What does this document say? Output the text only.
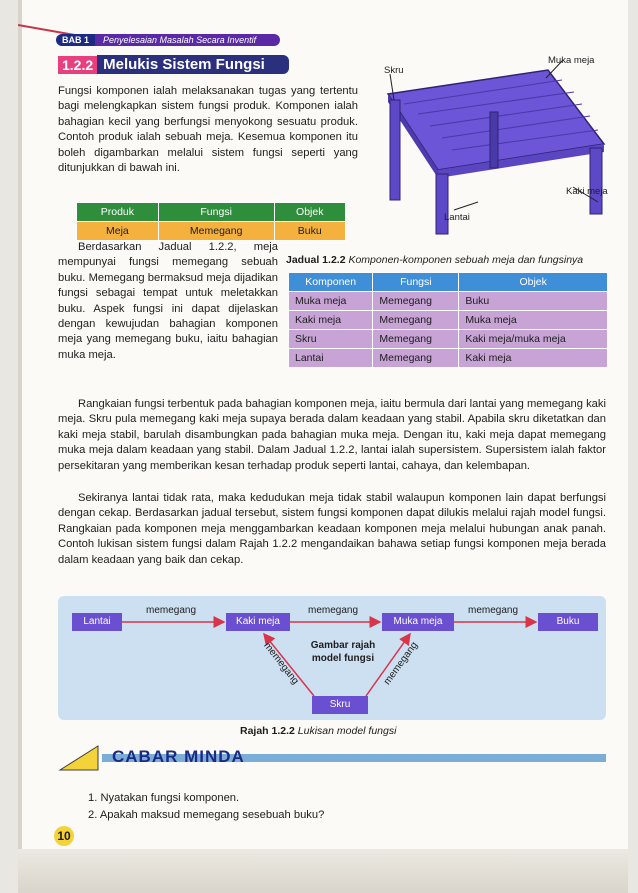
BAB 1	Penyelesaian Masalah Secara Inventif
1.2.2 Melukis Sistem Fungsi
Fungsi komponen ialah melaksanakan tugas yang tertentu bagi melengkapkan sistem fungsi produk. Komponen ialah bahagian kecil yang berfungsi menyokong sesuatu produk. Contoh produk ialah sebuah meja. Kesemua komponen itu boleh digambarkan melalui sistem fungsi seperti yang ditunjukkan di bawah ini.
Skru
Muka meja
Kaki meja
Lantai
Produk	Fungsi	Objek
Meja	Memegang	Buku
Berdasarkan Jadual 1.2.2, meja mempunyai fungsi memegang sebuah buku. Memegang bermaksud meja dijadikan fungsi sebagai tempat untuk meletakkan buku. Aspek fungsi ini dapat dijelaskan dengan kewujudan bahagian komponen meja yang memegang buku, iaitu bahagian muka meja.
Jadual 1.2.2 Komponen-komponen sebuah meja dan fungsinya
Komponen	Fungsi	Objek
Muka meja	Memegang	Buku
Kaki meja	Memegang	Muka meja
Skru	Memegang	Kaki meja/muka meja
Lantai	Memegang	Kaki meja
Rangkaian fungsi terbentuk pada bahagian komponen meja, iaitu bermula dari lantai yang memegang kaki meja. Skru pula memegang kaki meja supaya berada dalam keadaan yang stabil. Apabila skru diketatkan dan kaki meja stabil, barulah disambungkan pada bahagian muka meja. Dengan itu, kaki meja dapat memegang muka meja dalam keadaan yang stabil. Dalam Jadual 1.2.2, lantai ialah supersistem. Supersistem ialah faktor persekitaran yang memberikan kesan terhadap produk seperti lantai, cahaya, dan kelembapan.
Sekiranya lantai tidak rata, maka kedudukan meja tidak stabil walaupun komponen lain dapat berfungsi dengan cekap. Berdasarkan jadual tersebut, sistem fungsi komponen dapat dilukis melalui rajah model fungsi. Rangkaian pada komponen meja menggambarkan keadaan komponen meja melalui hubungan anak panah. Contoh lukisan sistem fungsi dalam Rajah 1.2.2 mengandaikan bahawa setiap fungsi komponen meja berada dalam keadaan yang baik dan cekap.
Lantai	Kaki meja	Muka meja	Buku
Skru
memegang	memegang	memegang
memegang	memegang
Gambar rajah
model fungsi
Rajah 1.2.2 Lukisan model fungsi
CABAR MINDA
1. Nyatakan fungsi komponen.
2. Apakah maksud memegang sesebuah buku?
10
